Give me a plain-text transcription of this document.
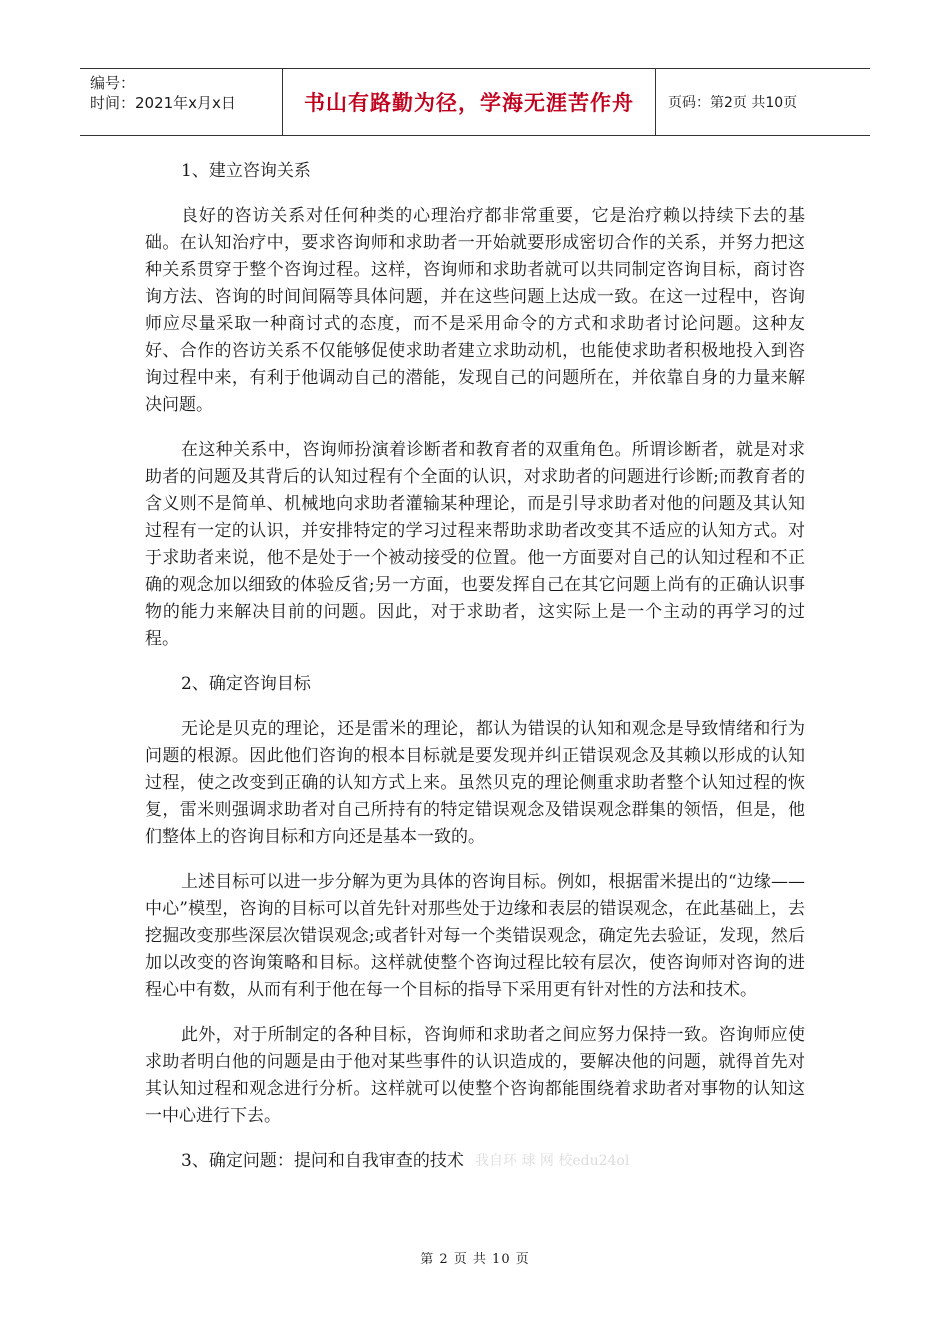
编号：
时间：2021年x月x日	书山有路勤为径，学海无涯苦作舟	页码：第2页 共10页

1、建立咨询关系

良好的咨访关系对任何种类的心理治疗都非常重要，它是治疗赖以持续下去的基础。在认知治疗中，要求咨询师和求助者一开始就要形成密切合作的关系，并努力把这种关系贯穿于整个咨询过程。这样，咨询师和求助者就可以共同制定咨询目标，商讨咨询方法、咨询的时间间隔等具体问题，并在这些问题上达成一致。在这一过程中，咨询师应尽量采取一种商讨式的态度，而不是采用命令的方式和求助者讨论问题。这种友好、合作的咨访关系不仅能够促使求助者建立求助动机，也能使求助者积极地投入到咨询过程中来，有利于他调动自己的潜能，发现自己的问题所在，并依靠自身的力量来解决问题。

在这种关系中，咨询师扮演着诊断者和教育者的双重角色。所谓诊断者，就是对求助者的问题及其背后的认知过程有个全面的认识，对求助者的问题进行诊断;而教育者的含义则不是简单、机械地向求助者灌输某种理论，而是引导求助者对他的问题及其认知过程有一定的认识，并安排特定的学习过程来帮助求助者改变其不适应的认知方式。对于求助者来说，他不是处于一个被动接受的位置。他一方面要对自己的认知过程和不正确的观念加以细致的体验反省;另一方面，也要发挥自己在其它问题上尚有的正确认识事物的能力来解决目前的问题。因此，对于求助者，这实际上是一个主动的再学习的过程。

2、确定咨询目标

无论是贝克的理论，还是雷米的理论，都认为错误的认知和观念是导致情绪和行为问题的根源。因此他们咨询的根本目标就是要发现并纠正错误观念及其赖以形成的认知过程，使之改变到正确的认知方式上来。虽然贝克的理论侧重求助者整个认知过程的恢复，雷米则强调求助者对自己所持有的特定错误观念及错误观念群集的领悟，但是，他们整体上的咨询目标和方向还是基本一致的。

上述目标可以进一步分解为更为具体的咨询目标。例如，根据雷米提出的“边缘——中心”模型，咨询的目标可以首先针对那些处于边缘和表层的错误观念，在此基础上，去挖掘改变那些深层次错误观念;或者针对每一个类错误观念，确定先去验证，发现，然后加以改变的咨询策略和目标。这样就使整个咨询过程比较有层次，使咨询师对咨询的进程心中有数，从而有利于他在每一个目标的指导下采用更有针对性的方法和技术。

此外，对于所制定的各种目标，咨询师和求助者之间应努力保持一致。咨询师应使求助者明白他的问题是由于他对某些事件的认识造成的，要解决他的问题，就得首先对其认知过程和观念进行分析。这样就可以使整个咨询都能围绕着求助者对事物的认知这一中心进行下去。

3、确定问题：提问和自我审查的技术 我自环 球 网 校edu24ol
第 2 页 共 10 页
